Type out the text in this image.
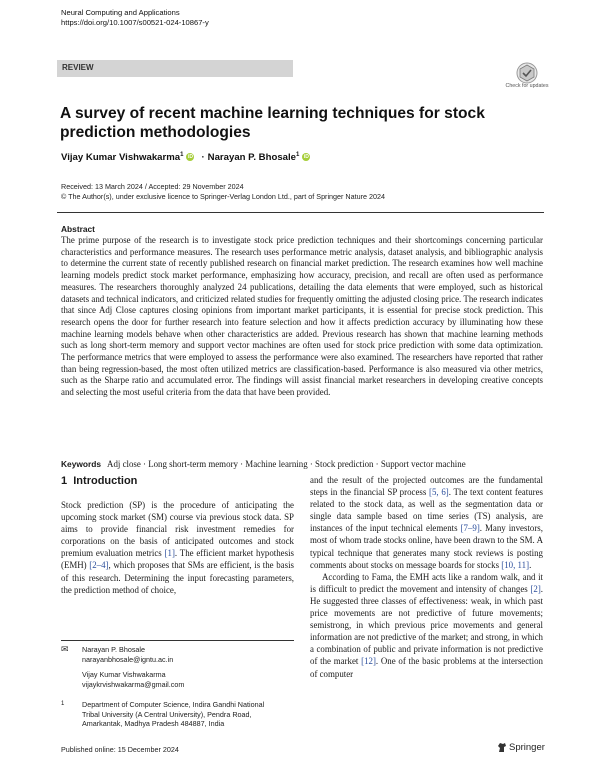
Neural Computing and Applications
https://doi.org/10.1007/s00521-024-10867-y
REVIEW
Check for updates
A survey of recent machine learning techniques for stock prediction methodologies
Vijay Kumar Vishwakarma$^1$ iD · Narayan P. Bhosale$^1$ iD
Received: 13 March 2024 / Accepted: 29 November 2024
© The Author(s), under exclusive licence to Springer-Verlag London Ltd., part of Springer Nature 2024
Abstract

The prime purpose of the research is to investigate stock price prediction techniques and their shortcomings concerning particular characteristics and performance measures. The research uses performance metric analysis, dataset analysis, and bibliographic analysis to determine the current state of recently published research on financial market prediction. The research examines how well machine learning models predict stock market performance, emphasizing how accuracy, precision, and recall are often used as performance measures. The researchers thoroughly analyzed 24 publications, detailing the data elements that were employed, such as historical datasets and technical indicators, and criticized related studies for frequently omitting the adjusted closing price. The research indicates that since Adj Close captures closing opinions from important market participants, it is essential for precise stock prediction. This research opens the door for further research into feature selection and how it affects prediction accuracy by illuminating how these machine learning models behave when other characteristics are added. Previous research has shown that machine learning methods such as long short-term memory and support vector machines are often used for stock price prediction with some data optimization. The performance metrics that were employed to assess the performance were also examined. The researchers have reported that rather than being regression-based, the most often utilized metrics are classification-based. Performance is also measured via other metrics, such as the Sharpe ratio and accumulated error. The findings will assist financial market researchers in developing creative concepts and selecting the most useful criteria from the data that have been provided.

Keywords Adj close · Long short-term memory · Machine learning · Stock prediction · Support vector machine
1 Introduction

Stock prediction (SP) is the procedure of anticipating the upcoming stock market (SM) course via previous stock data. SP aims to provide financial risk investment remedies for corporations on the basis of anticipated outcomes and stock premium evaluation metrics [1]. The efficient market hypothesis (EMH) [2–4], which proposes that SMs are efficient, is the basis of this research. Determining the input forecasting parameters, the prediction method of choice,

and the result of the projected outcomes are the fundamental steps in the financial SP process [5, 6]. The text content features related to the stock data, as well as the segmentation data or single data sample based on time series (TS) analysis, are instances of the input technical elements [7–9]. Many investors, most of whom trade stocks online, have been drawn to the SM. A typical technique that generates many stock reviews is posting comments about stocks on message boards for stocks [10, 11].

According to Fama, the EMH acts like a random walk, and it is difficult to predict the movement and intensity of changes [2]. He suggested three classes of effectiveness: weak, in which past price movements are not predictive of future movements; semistrong, in which previous price movements and general information are not predictive of the market; and strong, in which a combination of public and private information is not predictive of the market [12]. One of the basic problems at the intersection of computer

✉ Narayan P. Bhosale
narayanbhosale@igntu.ac.in
Vijay Kumar Vishwakarma
vijaykrvishwakarma@gmail.com
1 Department of Computer Science, Indira Gandhi National
Tribal University (A Central University), Pendra Road,
Amarkantak, Madhya Pradesh 484887, India
Published online: 15 December 2024	Springer
